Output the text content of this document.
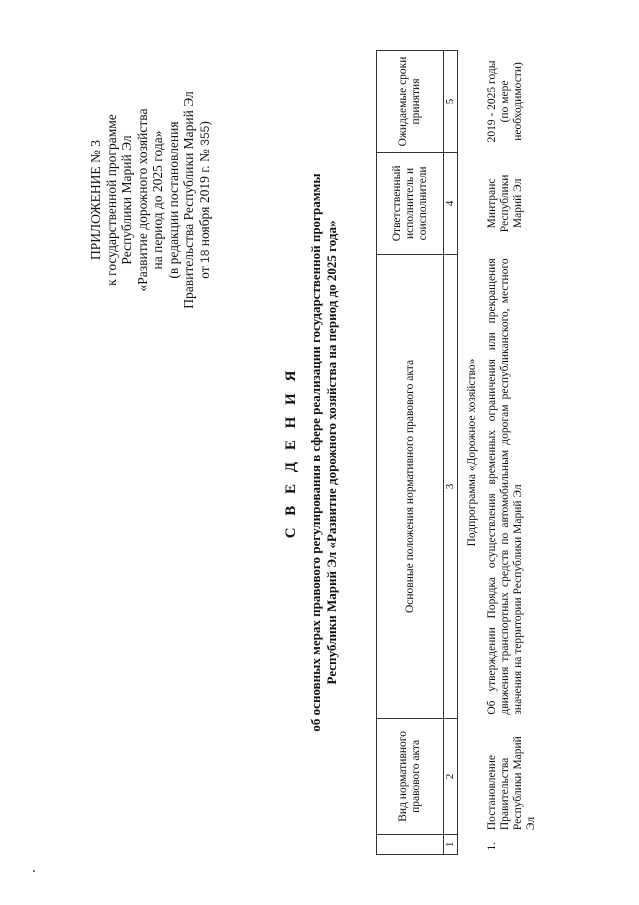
ПРИЛОЖЕНИЕ № 3 к государственной программе Республики Марий Эл «Развитие дорожного хозяйства на период до 2025 года» (в редакции постановления Правительства Республики Марий Эл от 18 ноября 2019 г. № 355)
С В Е Д Е Н И Я об основных мерах правового регулирования в сфере реализации государственной программы Республики Марий Эл «Развитие дорожного хозяйства на период до 2025 года»
	Вид нормативного правового акта	Основные положения нормативного правового акта	Ответственный исполнитель и соисполнители	Ожидаемые сроки принятия
1	2	3	4	5
Подпрограмма «Дорожное хозяйство»				
1.	Постановление Правительства Республики Марий Эл	Об утверждении Порядка осуществления временных ограничения или прекращения движения транспортных средств по автомобильным дорогам республиканского, местного значения на территории Республики Марий Эл	Минтранс Республики Марий Эл	2019 - 2025 годы (по мере необходимости)
